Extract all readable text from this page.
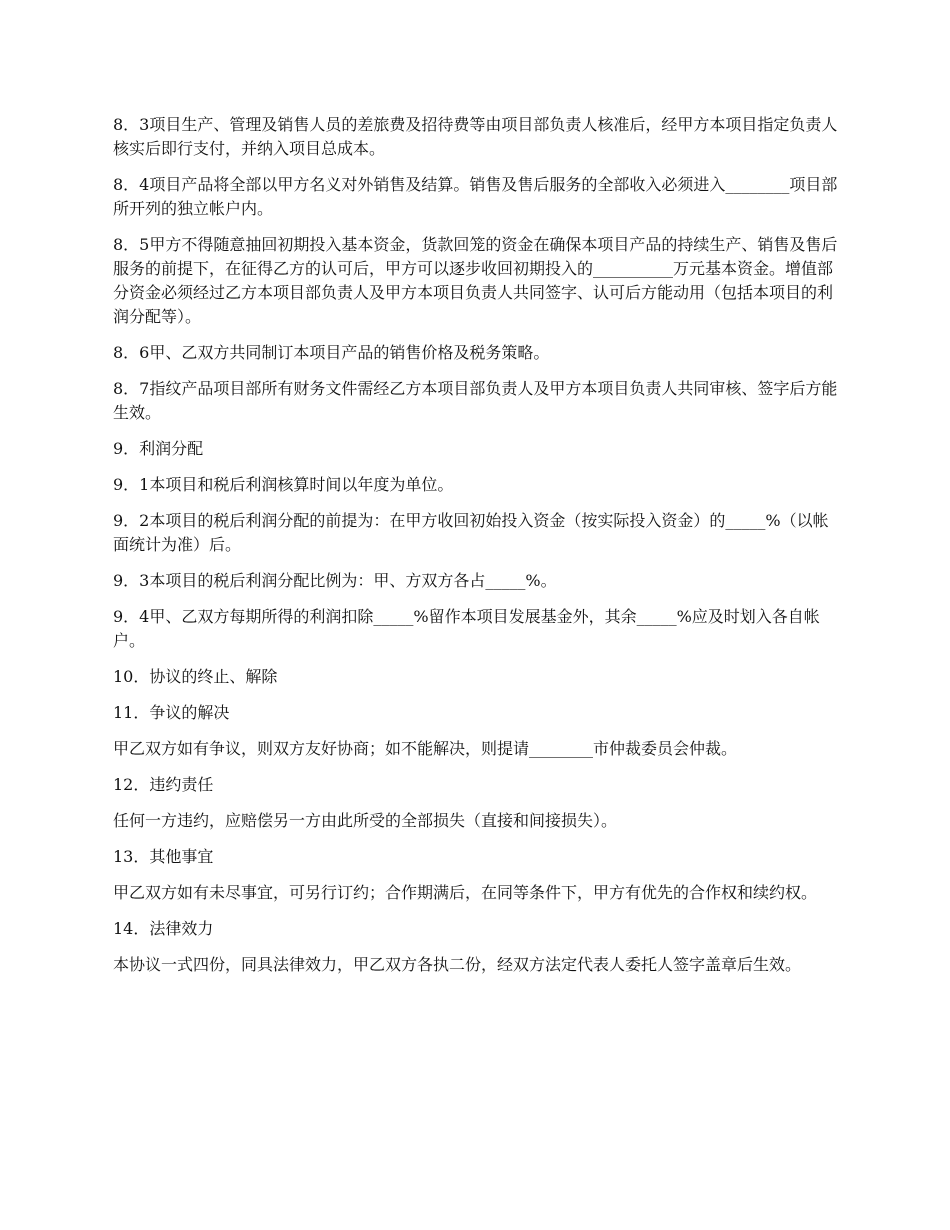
8．3项目生产、管理及销售人员的差旅费及招待费等由项目部负责人核准后，经甲方本项目指定负责人核实后即行支付，并纳入项目总成本。

8．4项目产品将全部以甲方名义对外销售及结算。销售及售后服务的全部收入必须进入________项目部所开列的独立帐户内。

8．5甲方不得随意抽回初期投入基本资金，货款回笼的资金在确保本项目产品的持续生产、销售及售后服务的前提下，在征得乙方的认可后，甲方可以逐步收回初期投入的__________万元基本资金。增值部分资金必须经过乙方本项目部负责人及甲方本项目负责人共同签字、认可后方能动用（包括本项目的利润分配等）。

8．6甲、乙双方共同制订本项目产品的销售价格及税务策略。

8．7指纹产品项目部所有财务文件需经乙方本项目部负责人及甲方本项目负责人共同审核、签字后方能生效。

9．利润分配

9．1本项目和税后利润核算时间以年度为单位。

9．2本项目的税后利润分配的前提为：在甲方收回初始投入资金（按实际投入资金）的_____%（以帐面统计为准）后。

9．3本项目的税后利润分配比例为：甲、方双方各占_____%。

9．4甲、乙双方每期所得的利润扣除_____%留作本项目发展基金外，其余_____%应及时划入各自帐户。

10．协议的终止、解除

11．争议的解决

甲乙双方如有争议，则双方友好协商；如不能解决，则提请________市仲裁委员会仲裁。

12．违约责任

任何一方违约，应赔偿另一方由此所受的全部损失（直接和间接损失）。

13．其他事宜

甲乙双方如有未尽事宜，可另行订约；合作期满后，在同等条件下，甲方有优先的合作权和续约权。

14．法律效力

本协议一式四份，同具法律效力，甲乙双方各执二份，经双方法定代表人委托人签字盖章后生效。
